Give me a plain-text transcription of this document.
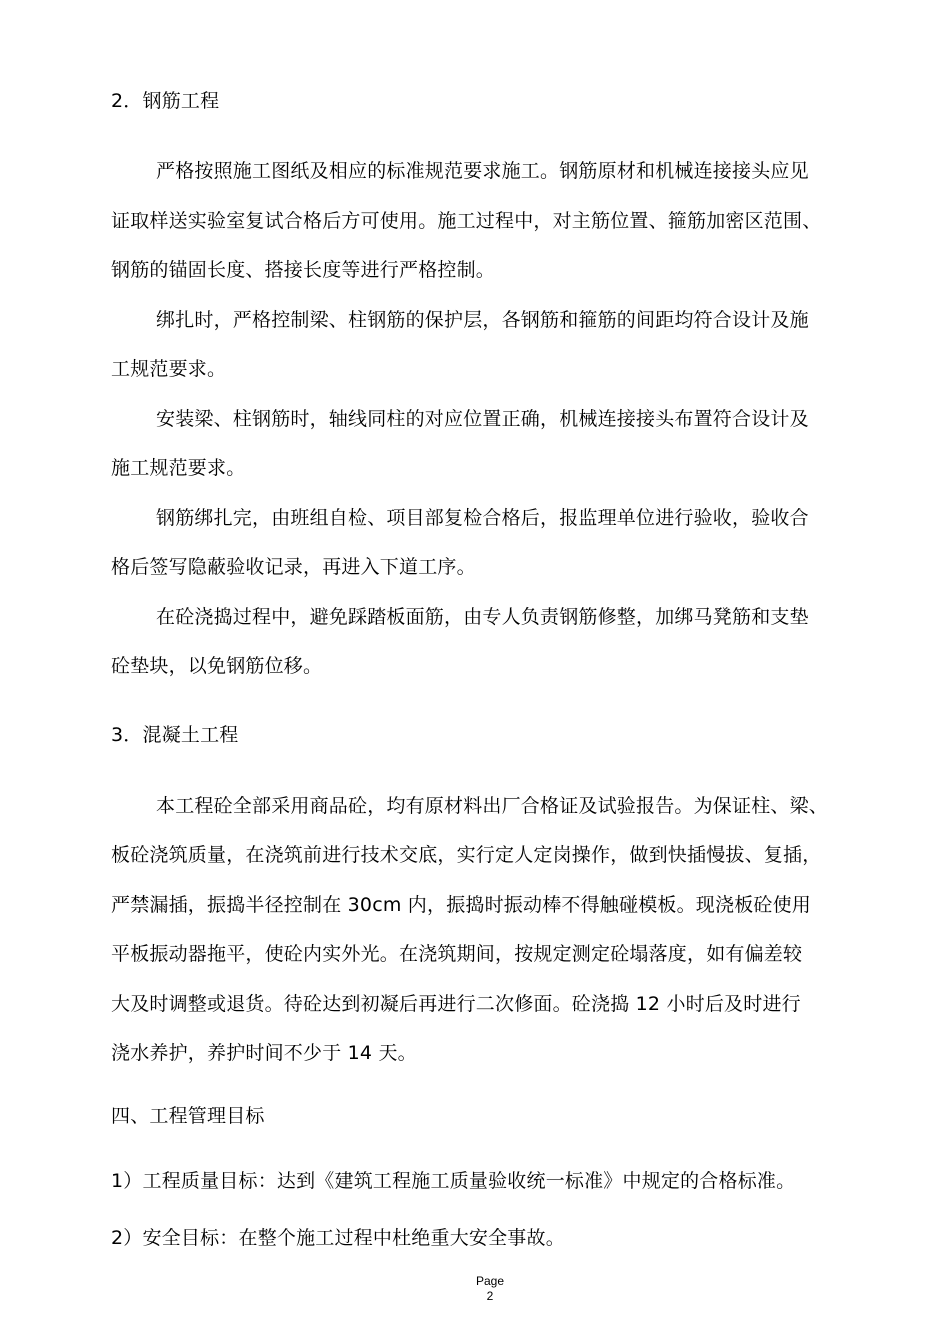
2．钢筋工程
严格按照施工图纸及相应的标准规范要求施工。钢筋原材和机械连接接头应见
证取样送实验室复试合格后方可使用。施工过程中，对主筋位置、箍筋加密区范围、
钢筋的锚固长度、搭接长度等进行严格控制。
绑扎时，严格控制梁、柱钢筋的保护层，各钢筋和箍筋的间距均符合设计及施
工规范要求。
安装梁、柱钢筋时，轴线同柱的对应位置正确，机械连接接头布置符合设计及
施工规范要求。
钢筋绑扎完，由班组自检、项目部复检合格后，报监理单位进行验收，验收合
格后签写隐蔽验收记录，再进入下道工序。
在砼浇捣过程中，避免踩踏板面筋，由专人负责钢筋修整，加绑马凳筋和支垫
砼垫块，以免钢筋位移。
3．混凝土工程
本工程砼全部采用商品砼，均有原材料出厂合格证及试验报告。为保证柱、梁、
板砼浇筑质量，在浇筑前进行技术交底，实行定人定岗操作，做到快插慢拔、复插，
严禁漏插，振捣半径控制在 30cm 内，振捣时振动棒不得触碰模板。现浇板砼使用
平板振动器拖平，使砼内实外光。在浇筑期间，按规定测定砼塌落度，如有偏差较
大及时调整或退货。待砼达到初凝后再进行二次修面。砼浇捣 12 小时后及时进行
浇水养护，养护时间不少于 14 天。
四、工程管理目标
1）工程质量目标：达到《建筑工程施工质量验收统一标准》中规定的合格标准。
2）安全目标：在整个施工过程中杜绝重大安全事故。
Page
2
